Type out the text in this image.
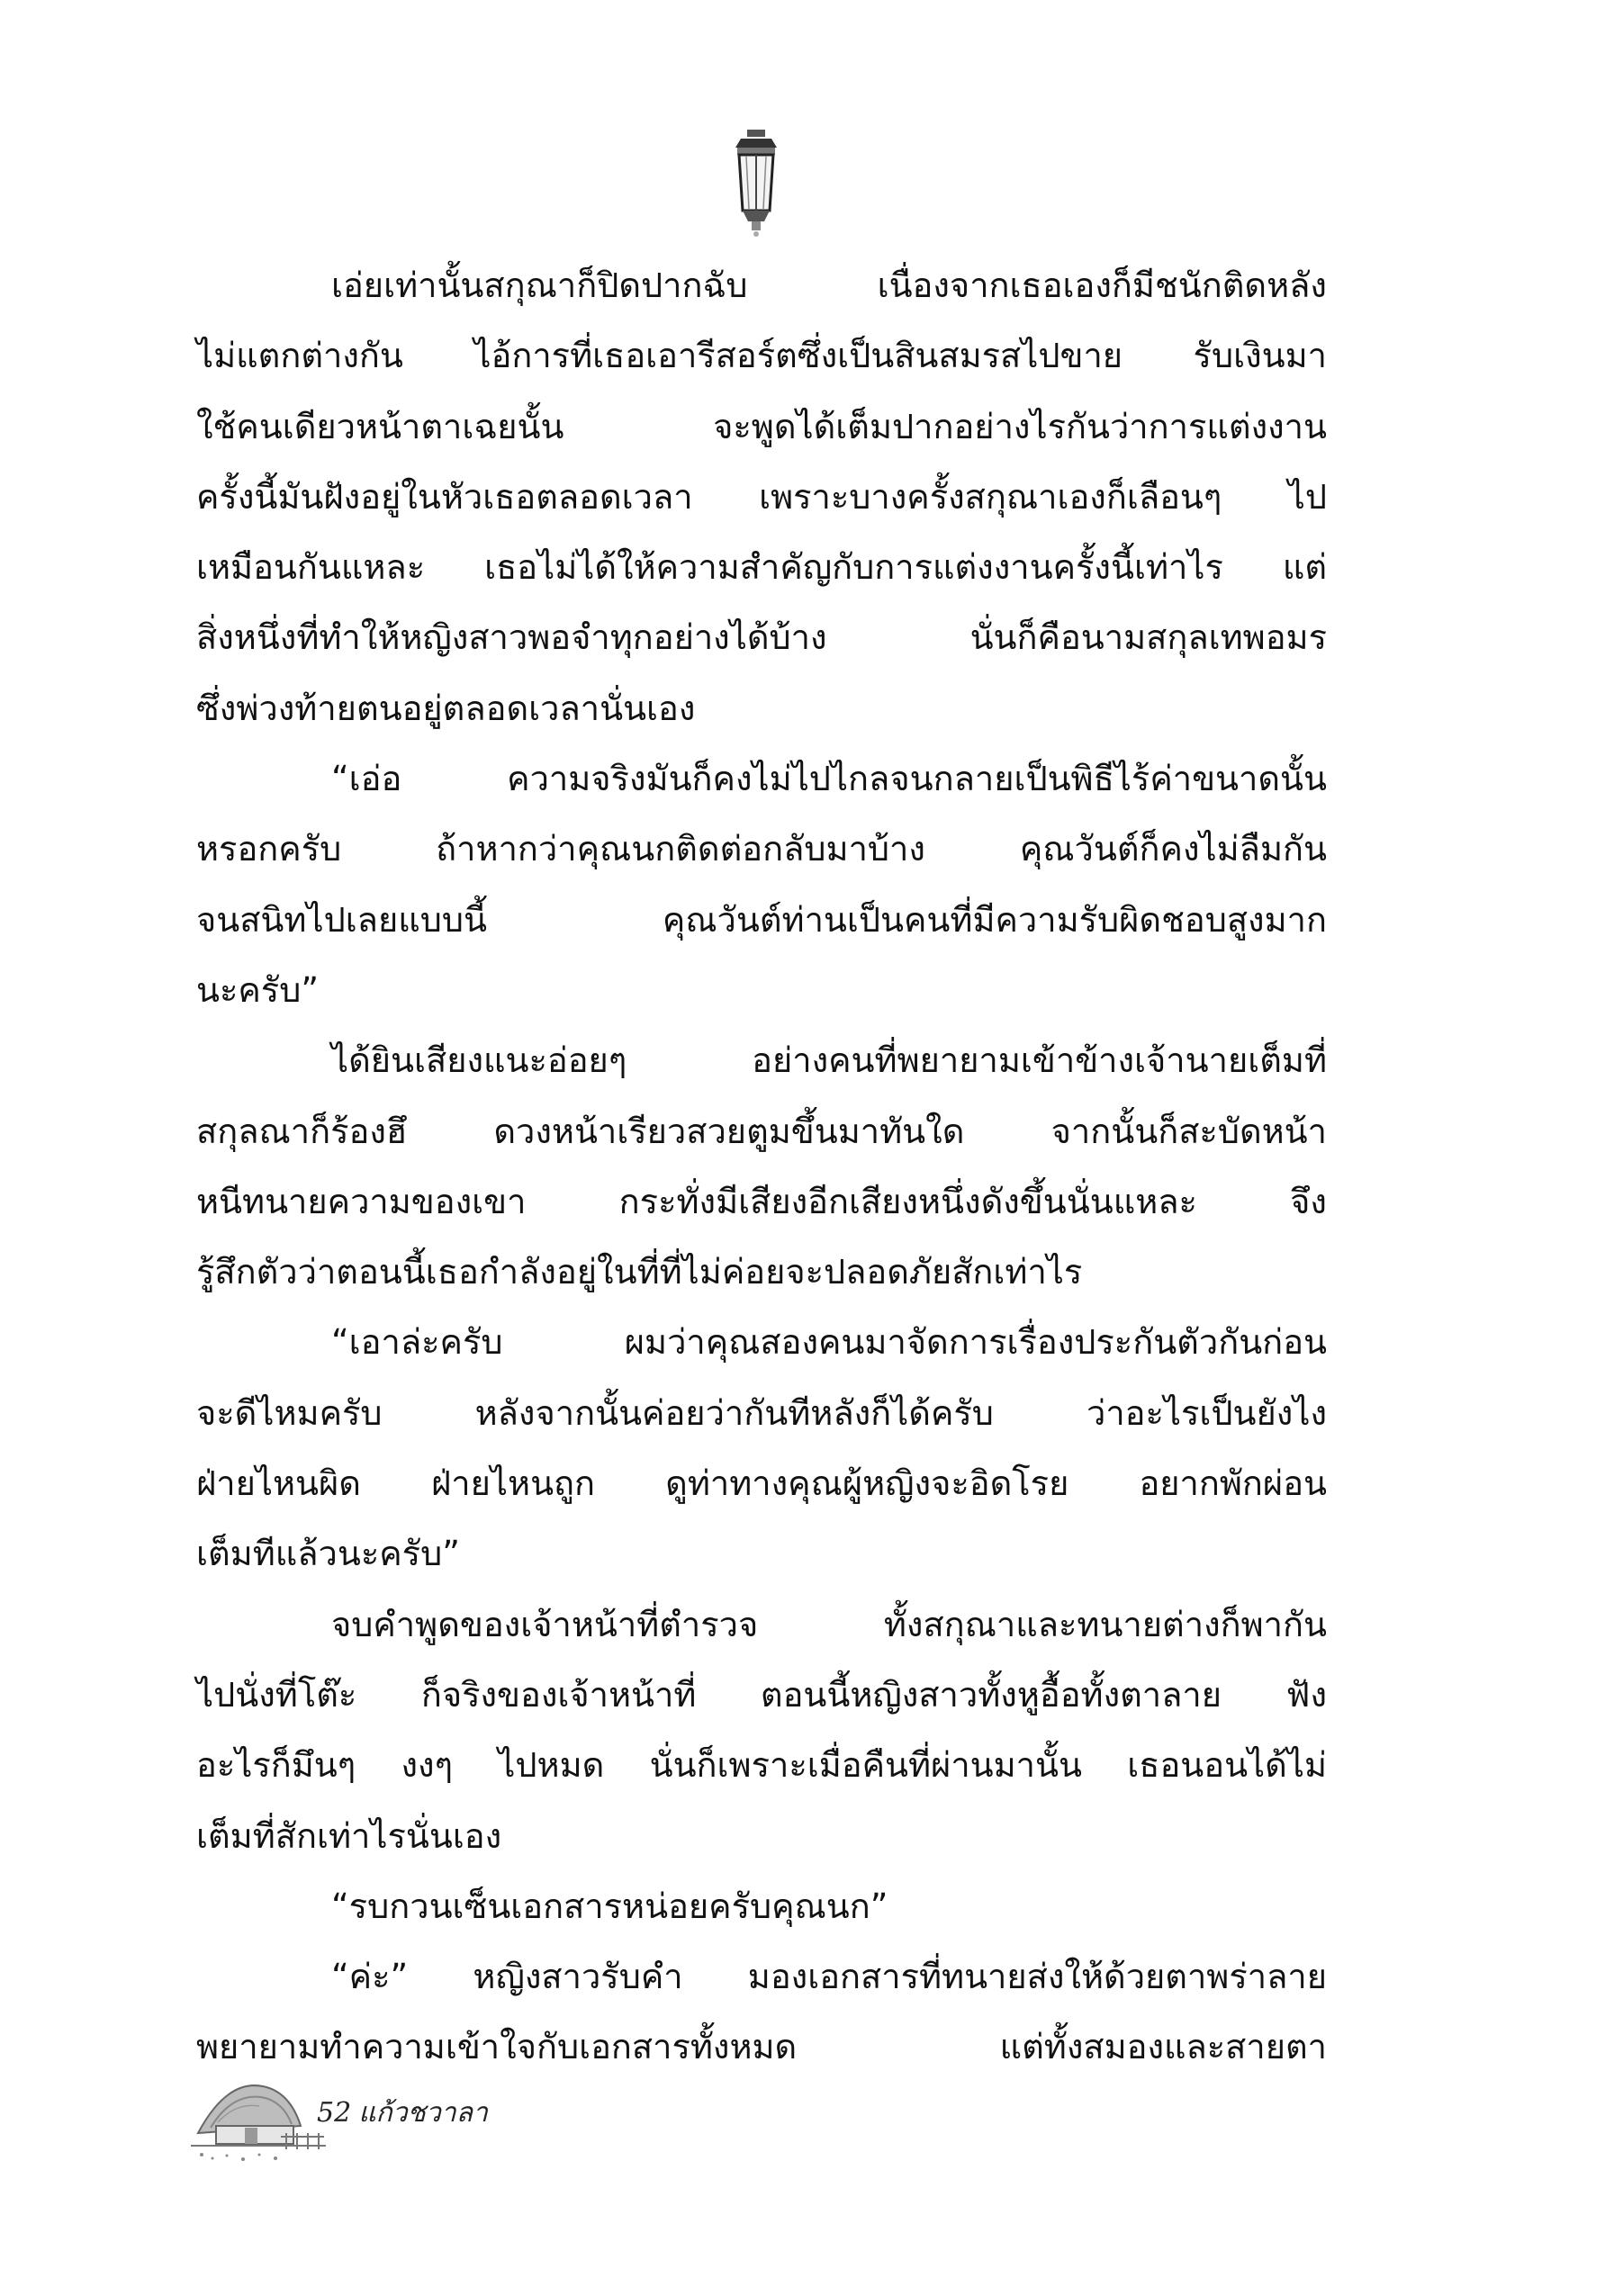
เอ่ยเท่านั้นสกุณาก็ปิดปากฉับ เนื่องจากเธอเองก็มีชนักติดหลัง
ไม่แตกต่างกัน ไอ้การที่เธอเอารีสอร์ตซึ่งเป็นสินสมรสไปขาย รับเงินมา
ใช้คนเดียวหน้าตาเฉยนั้น จะพูดได้เต็มปากอย่างไรกันว่าการแต่งงาน
ครั้งนี้มันฝังอยู่ในหัวเธอตลอดเวลา เพราะบางครั้งสกุณาเองก็เลือนๆ ไป
เหมือนกันแหละ เธอไม่ได้ให้ความสำคัญกับการแต่งงานครั้งนี้เท่าไร แต่
สิ่งหนึ่งที่ทำให้หญิงสาวพอจำทุกอย่างได้บ้าง นั่นก็คือนามสกุลเทพอมร
ซึ่งพ่วงท้ายตนอยู่ตลอดเวลานั่นเอง
“เอ่อ ความจริงมันก็คงไม่ไปไกลจนกลายเป็นพิธีไร้ค่าขนาดนั้น
หรอกครับ ถ้าหากว่าคุณนกติดต่อกลับมาบ้าง คุณวันต์ก็คงไม่ลืมกัน
จนสนิทไปเลยแบบนี้ คุณวันต์ท่านเป็นคนที่มีความรับผิดชอบสูงมาก
นะครับ”
ได้ยินเสียงแนะอ่อยๆ อย่างคนที่พยายามเข้าข้างเจ้านายเต็มที่
สกุลณาก็ร้องฮึ ดวงหน้าเรียวสวยตูมขึ้นมาทันใด จากนั้นก็สะบัดหน้า
หนีทนายความของเขา กระทั่งมีเสียงอีกเสียงหนึ่งดังขึ้นนั่นแหละ จึง
รู้สึกตัวว่าตอนนี้เธอกำลังอยู่ในที่ที่ไม่ค่อยจะปลอดภัยสักเท่าไร
“เอาล่ะครับ ผมว่าคุณสองคนมาจัดการเรื่องประกันตัวกันก่อน
จะดีไหมครับ หลังจากนั้นค่อยว่ากันทีหลังก็ได้ครับ ว่าอะไรเป็นยังไง
ฝ่ายไหนผิด ฝ่ายไหนถูก ดูท่าทางคุณผู้หญิงจะอิดโรย อยากพักผ่อน
เต็มทีแล้วนะครับ”
จบคำพูดของเจ้าหน้าที่ตำรวจ ทั้งสกุณาและทนายต่างก็พากัน
ไปนั่งที่โต๊ะ ก็จริงของเจ้าหน้าที่ ตอนนี้หญิงสาวทั้งหูอื้อทั้งตาลาย ฟัง
อะไรก็มึนๆ งงๆ ไปหมด นั่นก็เพราะเมื่อคืนที่ผ่านมานั้น เธอนอนได้ไม่
เต็มที่สักเท่าไรนั่นเอง
“รบกวนเซ็นเอกสารหน่อยครับคุณนก”
“ค่ะ” หญิงสาวรับคำ มองเอกสารที่ทนายส่งให้ด้วยตาพร่าลาย
พยายามทำความเข้าใจกับเอกสารทั้งหมด แต่ทั้งสมองและสายตา
52 แก้วชวาลา
